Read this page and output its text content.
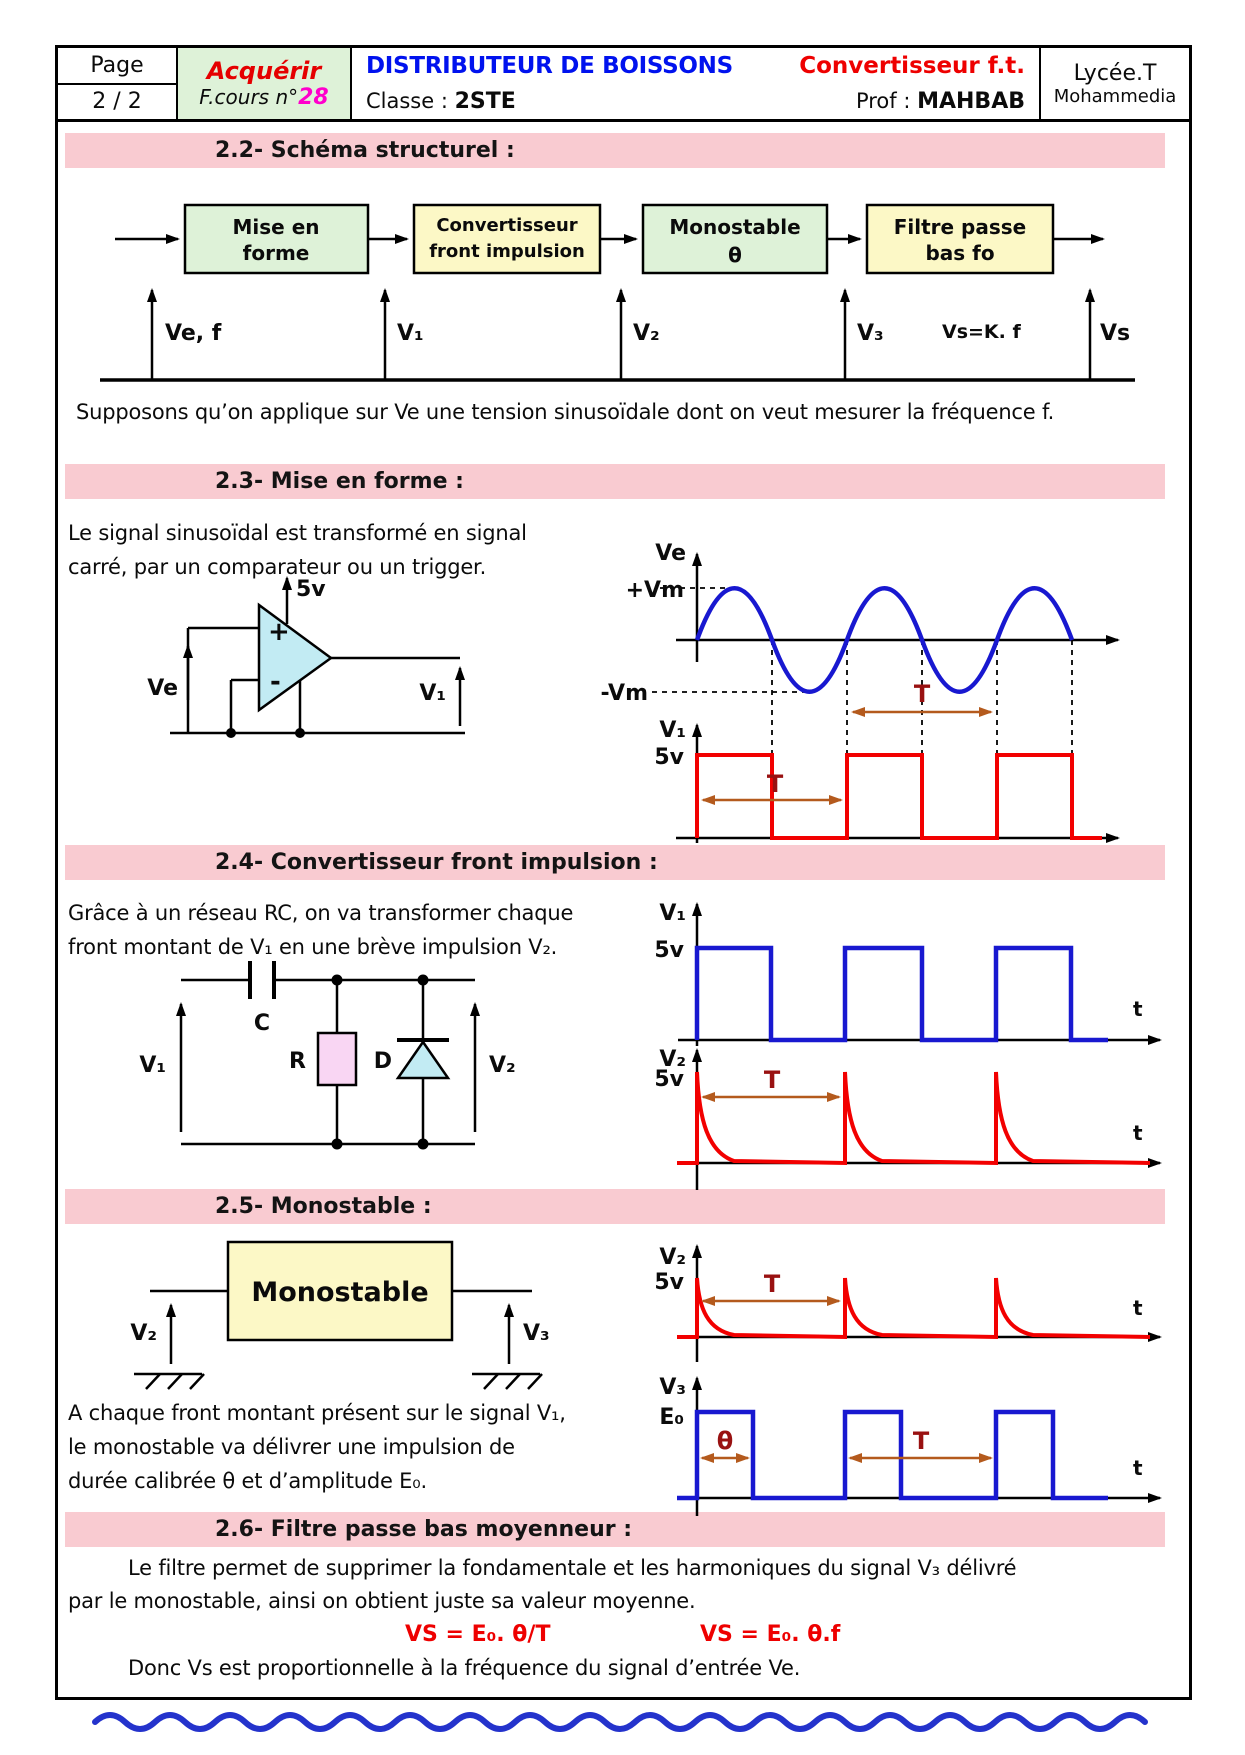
Page
2 / 2
Acquérir
F.cours n°28
DISTRIBUTEUR DE BOISSONS	Convertisseur f.t.
Classe : 2STE	Prof : MAHBAB
Lycée.T
Mohammedia
2.2- Schéma structurel :
2.3- Mise en forme :
2.4- Convertisseur front impulsion :
2.5- Monostable :
2.6- Filtre passe bas moyenneur :
Supposons qu’on applique sur Ve une tension sinusoïdale dont on veut mesurer la fréquence f.
Le signal sinusoïdal est transformé en signal
carré, par un comparateur ou un trigger.
Grâce à un réseau RC, on va transformer chaque
front montant de V₁ en une brève impulsion V₂.
A chaque front montant présent sur le signal V₁,
le monostable va délivrer une impulsion de
durée calibrée θ et d’amplitude E₀.
Le filtre permet de supprimer la fondamentale et les harmoniques du signal V₃ délivré
par le monostable, ainsi on obtient juste sa valeur moyenne.
VS = E₀. θ/T	VS = E₀. θ.f
Donc Vs est proportionnelle à la fréquence du signal d’entrée Ve.
Mise en
forme
Convertisseur
front impulsion
Monostable
θ
Filtre passe
bas fo
Ve, f	V₁	V₂	V₃	Vs=K. f	Vs
+
-
5v
Ve	V₁
Ve
+Vm
-Vm	T
V₁
5v
T
C
V₁	R	D	V₂
V₁
5v
t
V₂
5v	T
t
Monostable
V₂	V₃
V₂
5v	T
t
V₃
E₀
θ	T
t
